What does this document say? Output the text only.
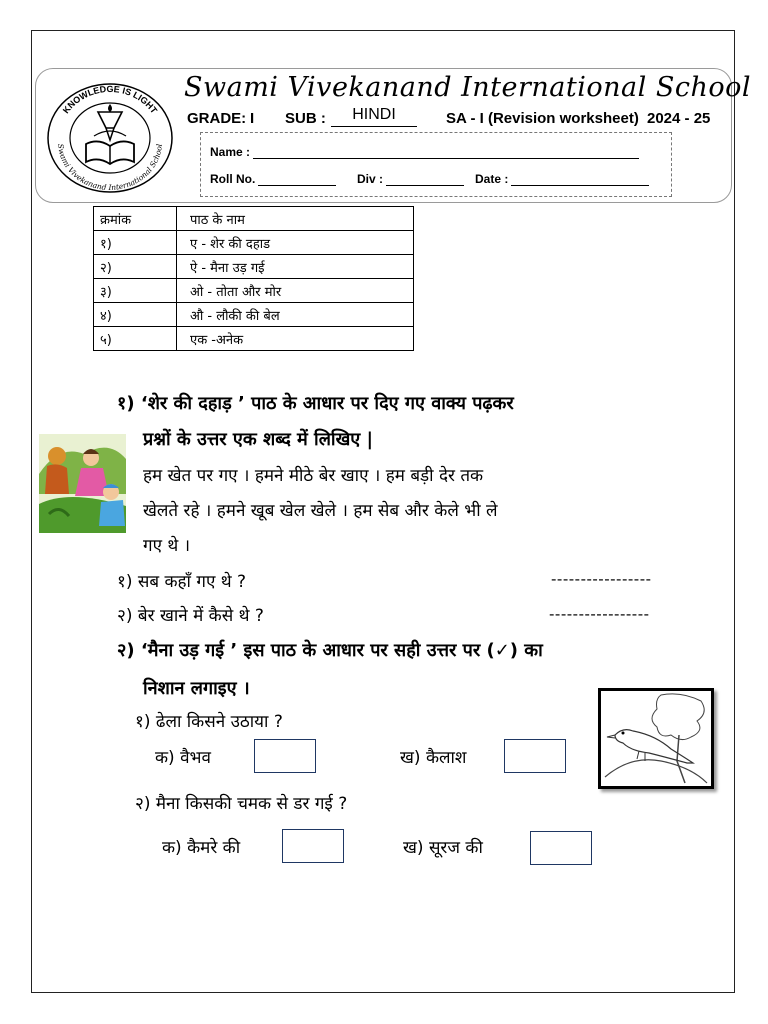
KNOWLEDGE IS LIGHT
Swami Vivekanand International School
Swami Vivekanand International School
GRADE: I SUB :	HINDI	SA - I (Revision worksheet) 2024 - 25
Name :
Roll No.	Div :	Date :
क्रमांक	पाठ के नाम
१)	ए - शेर की दहाड
२)	ऐ - मैना उड़ गई
३)	ओ - तोता और मोर
४)	औ - लौकी की बेल
५)	एक -अनेक
१) ‘शेर की दहाड़ ’ पाठ के आधार पर दिए गए वाक्य पढ़कर
प्रश्नों के उत्तर एक शब्द में लिखिए |
हम खेत पर गए । हमने मीठे बेर खाए । हम बड़ी देर तक
खेलते रहे । हमने खूब खेल खेले । हम सेब और केले भी ले
गए थे ।
१) सब कहाँ गए थे ?	-----------------
२) बेर खाने में कैसे थे ?	-----------------
२) ‘मैना उड़ गई ’ इस पाठ के आधार पर सही उत्तर पर (✓) का
निशान लगाइए ।
१) ढेला किसने उठाया ?
क) वैभव	ख) कैलाश
२) मैना किसकी चमक से डर गई ?
क) कैमरे की	ख) सूरज की
